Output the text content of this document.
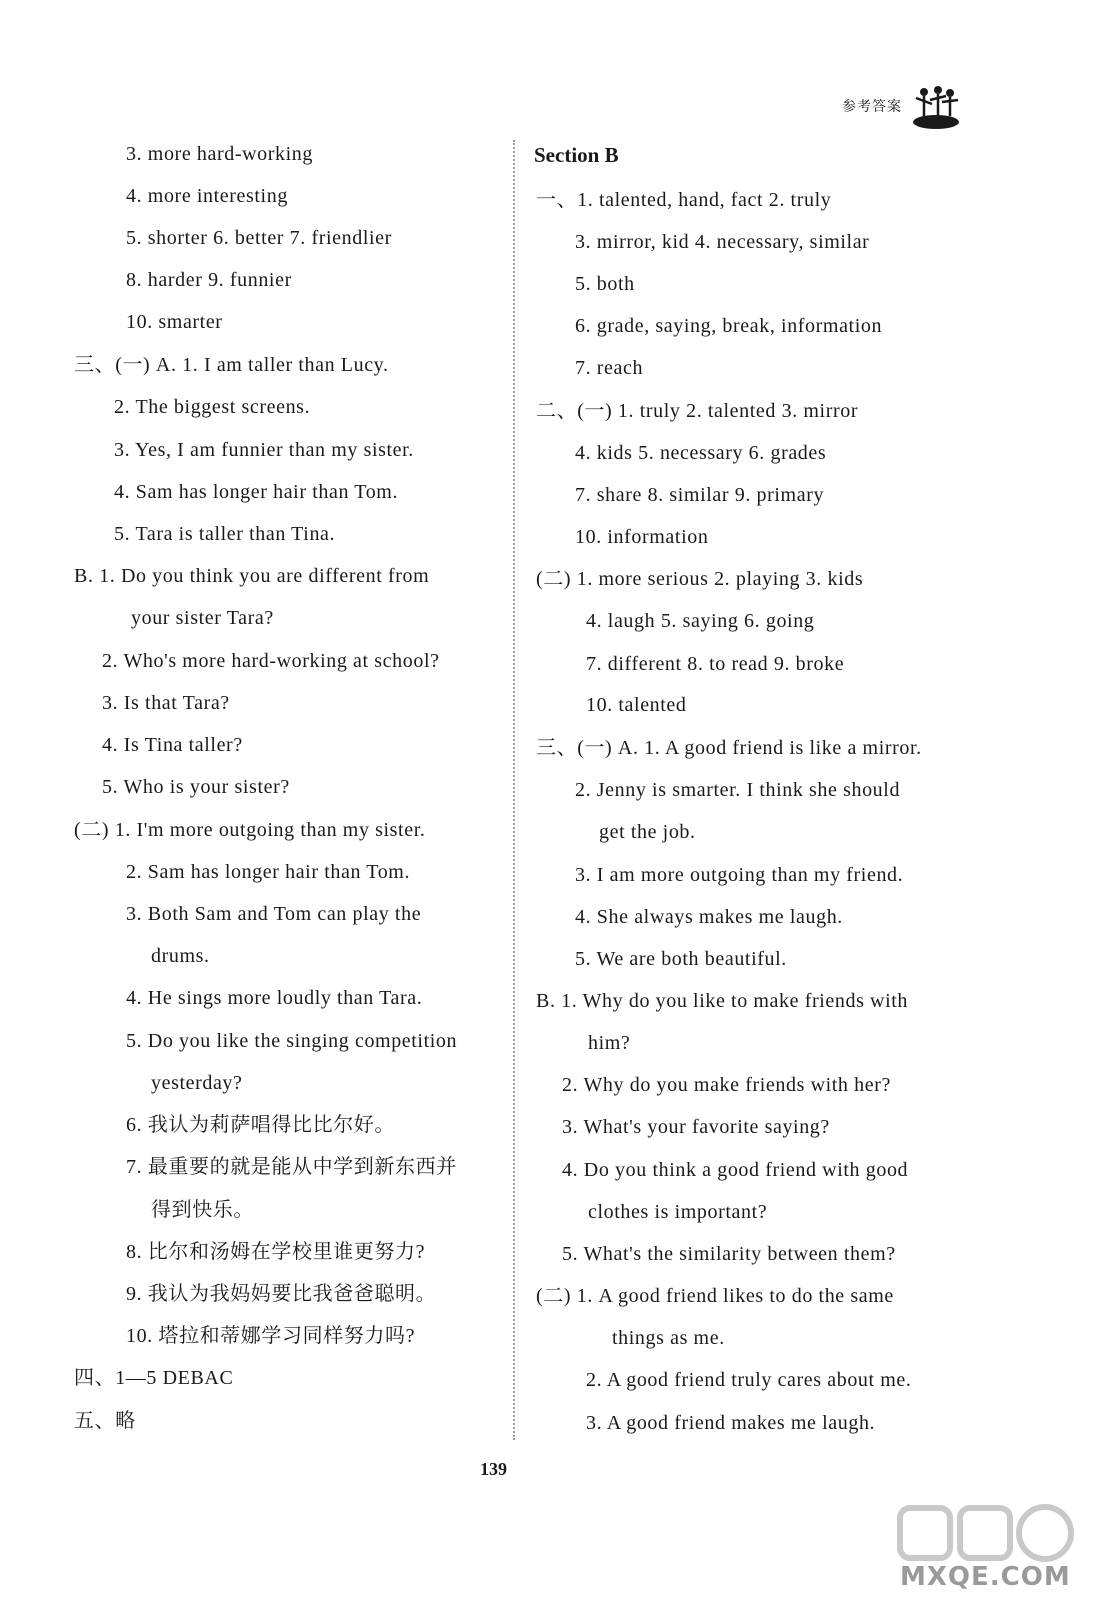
参考答案
3. more hard-working
4. more interesting
5. shorter 6. better 7. friendlier
8. harder 9. funnier
10. smarter
三、(一) A. 1. I am taller than Lucy.
2. The biggest screens.
3. Yes, I am funnier than my sister.
4. Sam has longer hair than Tom.
5. Tara is taller than Tina.
B. 1. Do you think you are different from
your sister Tara?
2. Who's more hard-working at school?
3. Is that Tara?
4. Is Tina taller?
5. Who is your sister?
(二) 1. I'm more outgoing than my sister.
2. Sam has longer hair than Tom.
3. Both Sam and Tom can play the
drums.
4. He sings more loudly than Tara.
5. Do you like the singing competition
yesterday?
6. 我认为莉萨唱得比比尔好。
7. 最重要的就是能从中学到新东西并
得到快乐。
8. 比尔和汤姆在学校里谁更努力?
9. 我认为我妈妈要比我爸爸聪明。
10. 塔拉和蒂娜学习同样努力吗?
四、1—5 DEBAC
五、略
Section B
一、1. talented, hand, fact 2. truly
3. mirror, kid 4. necessary, similar
5. both
6. grade, saying, break, information
7. reach
二、(一) 1. truly 2. talented 3. mirror
4. kids 5. necessary 6. grades
7. share 8. similar 9. primary
10. information
(二) 1. more serious 2. playing 3. kids
4. laugh 5. saying 6. going
7. different 8. to read 9. broke
10. talented
三、(一) A. 1. A good friend is like a mirror.
2. Jenny is smarter. I think she should
get the job.
3. I am more outgoing than my friend.
4. She always makes me laugh.
5. We are both beautiful.
B. 1. Why do you like to make friends with
him?
2. Why do you make friends with her?
3. What's your favorite saying?
4. Do you think a good friend with good
clothes is important?
5. What's the similarity between them?
(二) 1. A good friend likes to do the same
things as me.
2. A good friend truly cares about me.
3. A good friend makes me laugh.
139
MXQE.COM
